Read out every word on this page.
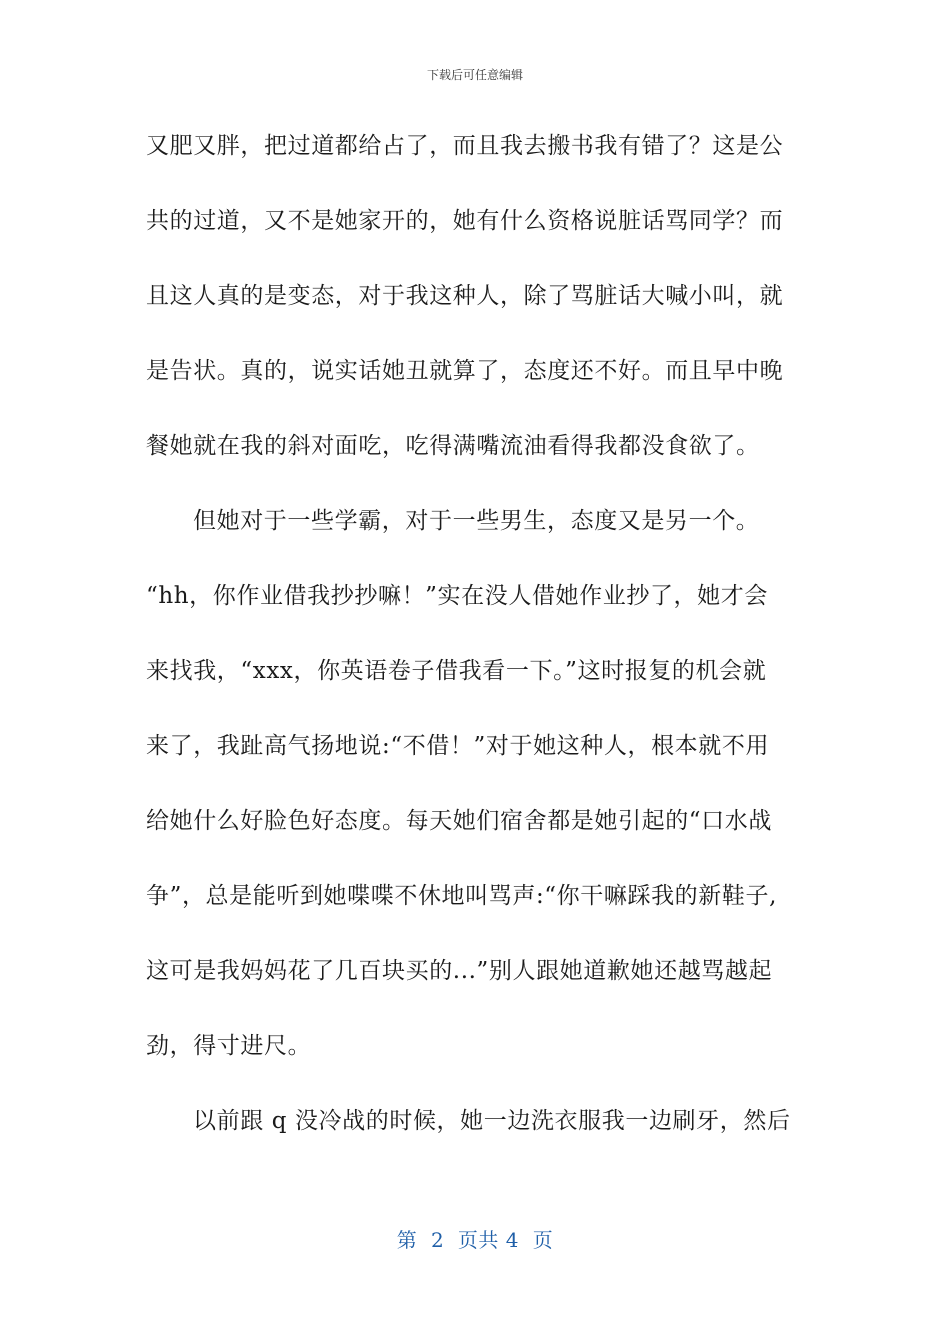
下载后可任意编辑
又肥又胖，把过道都给占了，而且我去搬书我有错了？这是公
共的过道，又不是她家开的，她有什么资格说脏话骂同学？而
且这人真的是变态，对于我这种人，除了骂脏话大喊小叫，就
是告状。真的，说实话她丑就算了，态度还不好。而且早中晚
餐她就在我的斜对面吃，吃得满嘴流油看得我都没食欲了。
但她对于一些学霸，对于一些男生，态度又是另一个。
“hh，你作业借我抄抄嘛！”实在没人借她作业抄了，她才会
来找我，“xxx，你英语卷子借我看一下。”这时报复的机会就
来了，我趾高气扬地说:“不借！”对于她这种人，根本就不用
给她什么好脸色好态度。每天她们宿舍都是她引起的“口水战
争”，总是能听到她喋喋不休地叫骂声:“你干嘛踩我的新鞋子,
这可是我妈妈花了几百块买的...”别人跟她道歉她还越骂越起
劲，得寸进尺。
以前跟 q 没冷战的时候，她一边洗衣服我一边刷牙，然后
第  2  页共 4  页
